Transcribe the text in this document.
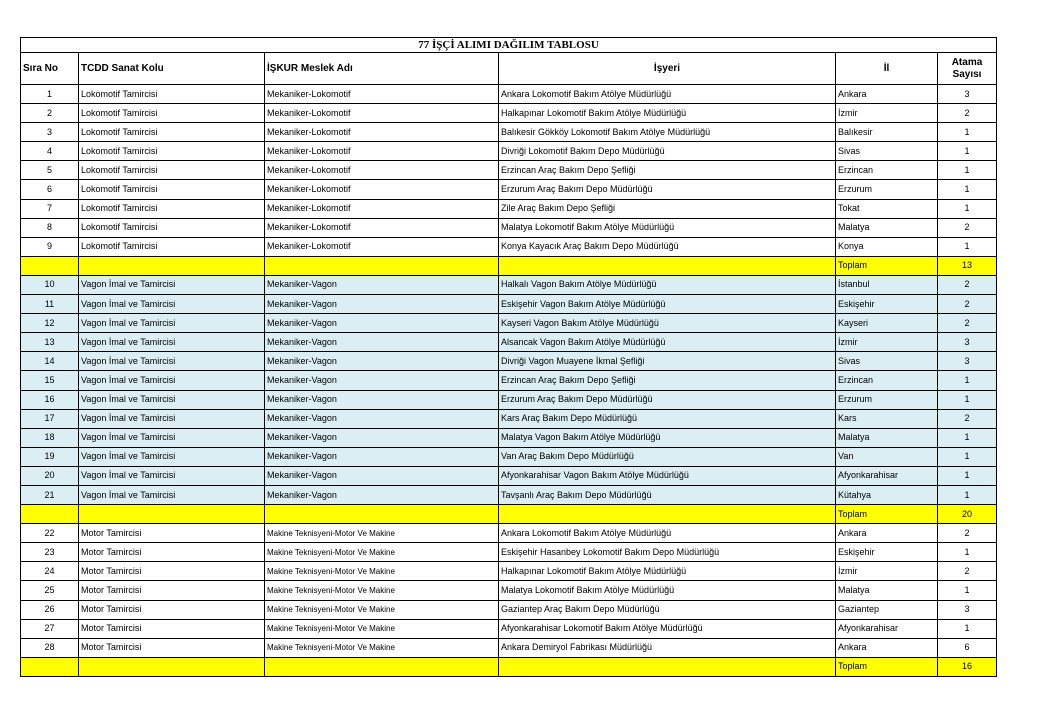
77 İŞÇİ ALIMI DAĞILIM TABLOSU					
Sıra No	TCDD Sanat Kolu	İŞKUR Meslek Adı	İşyeri	İl	Atama Sayısı
1	Lokomotif Tamircisi	Mekaniker-Lokomotif	Ankara Lokomotif Bakım Atölye Müdürlüğü	Ankara	3
2	Lokomotif Tamircisi	Mekaniker-Lokomotif	Halkapınar Lokomotif Bakım Atölye Müdürlüğü	İzmir	2
3	Lokomotif Tamircisi	Mekaniker-Lokomotif	Balıkesir Gökköy Lokomotif Bakım Atölye Müdürlüğü	Balıkesir	1
4	Lokomotif Tamircisi	Mekaniker-Lokomotif	Divriği Lokomotif Bakım Depo Müdürlüğü	Sivas	1
5	Lokomotif Tamircisi	Mekaniker-Lokomotif	Erzincan Araç Bakım Depo Şefliği	Erzincan	1
6	Lokomotif Tamircisi	Mekaniker-Lokomotif	Erzurum Araç Bakım Depo Müdürlüğü	Erzurum	1
7	Lokomotif Tamircisi	Mekaniker-Lokomotif	Zile Araç Bakım Depo Şefliği	Tokat	1
8	Lokomotif Tamircisi	Mekaniker-Lokomotif	Malatya Lokomotif Bakım Atölye Müdürlüğü	Malatya	2
9	Lokomotif Tamircisi	Mekaniker-Lokomotif	Konya Kayacık Araç Bakım Depo Müdürlüğü	Konya	1
				Toplam	13
10	Vagon İmal ve Tamircisi	Mekaniker-Vagon	Halkalı Vagon Bakım Atölye Müdürlüğü	İstanbul	2
11	Vagon İmal ve Tamircisi	Mekaniker-Vagon	Eskişehir Vagon Bakım Atölye Müdürlüğü	Eskişehir	2
12	Vagon İmal ve Tamircisi	Mekaniker-Vagon	Kayseri Vagon Bakım Atölye Müdürlüğü	Kayseri	2
13	Vagon İmal ve Tamircisi	Mekaniker-Vagon	Alsancak Vagon Bakım Atölye Müdürlüğü	İzmir	3
14	Vagon İmal ve Tamircisi	Mekaniker-Vagon	Divriği Vagon Muayene İkmal Şefliği	Sivas	3
15	Vagon İmal ve Tamircisi	Mekaniker-Vagon	Erzincan Araç Bakım Depo Şefliği	Erzincan	1
16	Vagon İmal ve Tamircisi	Mekaniker-Vagon	Erzurum Araç Bakım Depo Müdürlüğü	Erzurum	1
17	Vagon İmal ve Tamircisi	Mekaniker-Vagon	Kars Araç Bakım Depo Müdürlüğü	Kars	2
18	Vagon İmal ve Tamircisi	Mekaniker-Vagon	Malatya Vagon Bakım Atölye Müdürlüğü	Malatya	1
19	Vagon İmal ve Tamircisi	Mekaniker-Vagon	Van Araç Bakım Depo Müdürlüğü	Van	1
20	Vagon İmal ve Tamircisi	Mekaniker-Vagon	Afyonkarahisar Vagon Bakım Atölye Müdürlüğü	Afyonkarahisar	1
21	Vagon İmal ve Tamircisi	Mekaniker-Vagon	Tavşanlı Araç Bakım Depo Müdürlüğü	Kütahya	1
				Toplam	20
22	Motor Tamircisi	Makine Teknisyeni-Motor Ve Makine	Ankara Lokomotif Bakım Atölye Müdürlüğü	Ankara	2
23	Motor Tamircisi	Makine Teknisyeni-Motor Ve Makine	Eskişehir Hasanbey Lokomotif Bakım Depo Müdürlüğü	Eskişehir	1
24	Motor Tamircisi	Makine Teknisyeni-Motor Ve Makine	Halkapınar Lokomotif Bakım Atölye Müdürlüğü	İzmir	2
25	Motor Tamircisi	Makine Teknisyeni-Motor Ve Makine	Malatya Lokomotif Bakım Atölye Müdürlüğü	Malatya	1
26	Motor Tamircisi	Makine Teknisyeni-Motor Ve Makine	Gaziantep Araç Bakım Depo Müdürlüğü	Gaziantep	3
27	Motor Tamircisi	Makine Teknisyeni-Motor Ve Makine	Afyonkarahisar Lokomotif Bakım Atölye Müdürlüğü	Afyonkarahisar	1
28	Motor Tamircisi	Makine Teknisyeni-Motor Ve Makine	Ankara Demiryol Fabrikası Müdürlüğü	Ankara	6
				Toplam	16
